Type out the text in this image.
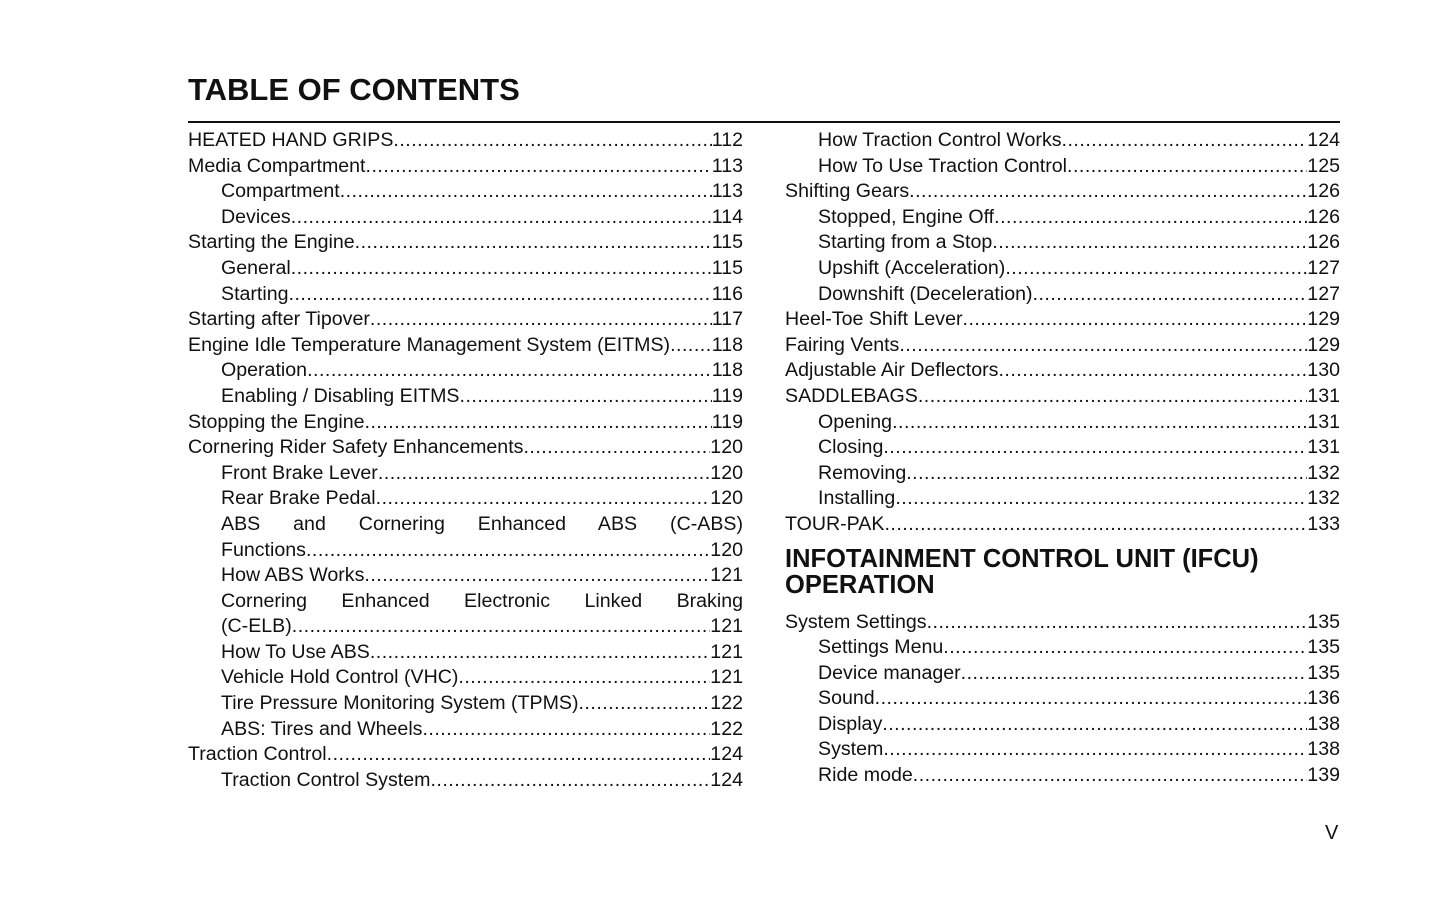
TABLE OF CONTENTS
HEATED HAND GRIPS .....	112
Media Compartment .....	113
Compartment .....	113
Devices .....	114
Starting the Engine .....	115
General .....	115
Starting .....	116
Starting after Tipover .....	117
Engine Idle Temperature Management System (EITMS) ..... 118
Operation .....	118
Enabling / Disabling EITMS .....	119
Stopping the Engine .....	119
Cornering Rider Safety Enhancements .....	120
Front Brake Lever .....	120
Rear Brake Pedal .....	120
ABS and Cornering Enhanced ABS (C-ABS)
Functions .....	120
How ABS Works .....	121
Cornering Enhanced Electronic Linked Braking
(C-ELB) .....	121
How To Use ABS .....	121
Vehicle Hold Control (VHC) .....	121
Tire Pressure Monitoring System (TPMS) .....	122
ABS: Tires and Wheels .....	122
Traction Control .....	124
Traction Control System .....	124
How Traction Control Works .....	124
How To Use Traction Control .....	125
Shifting Gears .....	126
Stopped, Engine Off .....	126
Starting from a Stop .....	126
Upshift (Acceleration) .....	127
Downshift (Deceleration) .....	127
Heel-Toe Shift Lever .....	129
Fairing Vents .....	129
Adjustable Air Deflectors .....	130
SADDLEBAGS .....	131
Opening .....	131
Closing .....	131
Removing .....	132
Installing .....	132
TOUR-PAK .....	133
INFOTAINMENT CONTROL UNIT (IFCU)
OPERATION
System Settings .....	135
Settings Menu .....	135
Device manager .....	135
Sound .....	136
Display .....	138
System .....	138
Ride mode .....	139
V
